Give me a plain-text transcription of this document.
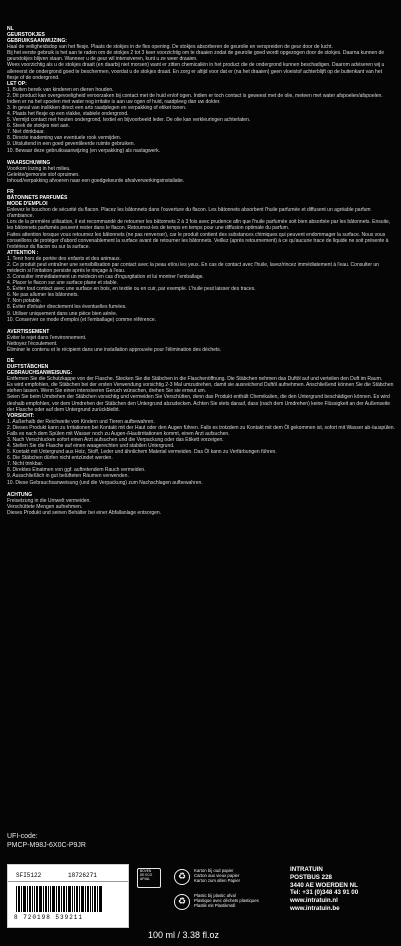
NL
GEURSTOKJES
GEBRUIKSAANWIJZING:
Haal de veiligheidsdop van het flesje. Plaats de stokjes in de fles opening. De stokjes absorberen de geurolie en verspreiden de geur door de lucht.
Bij het eerste gebruik is het aan te raden om de stokjes 2 tot 3 keer voorzichtig om te draaien zodat de geurolie goed wordt opgezogen door de stokjes. Daarna kunnen de geurstokjes blijven staan. Wanneer u de geur wil intensiveren, kunt u ze weer draaien.
Wees voorzichtig als u de stokjes draait (en daarbij niet morsen) want er zitten chemicaliën in het product die de ondergrond kunnen beschadigen. Daarom adviseren wij u allereerst de ondergrond goed te beschermen, voordat u de stokjes draait. En zorg er altijd voor dat er (na het draaien) geen vloeistof achterblijft op de buitenkant van het flesje of de ondergrond.
LET OP:
1. Buiten bereik van kinderen en dieren houden.
2. Dit product kan overgevoeligheid veroorzaken bij contact met de huid en/of ogen. Indien er toch contact is geweest met de olie, meteen met water afspoelen/afspoelen. Indien er na het spoelen met water nog irritatie is aan uw ogen of huid, raadpleeg dan uw dokter.
3. In geval van inslikken direct een arts raadplegen en verpakking of etiket tonen.
4. Plaats het flesje op een vlakke, stabiele ondergrond.
5. Vermijd contact met houten ondergrond, textiel en bijvoorbeeld leder. De olie kan verkleuringen achterlaten.
6. Steek de stokjes niet aan.
7. Niet drinkbaar.
8. Directe inademing van eventuele rook vermijden.
9. Uitsluitend in een goed geventileerde ruimte gebruiken.
10. Bewaar deze gebruiksaanwijzing (en verpakking) als naslagwerk.
WAARSCHUWING
Voorkom lozing in het milieu.
Gelekte/gemorste stof opruimen.
Inhoud/verpakking afvoeren naar een goedgekeurde afvalverwerkingsinstallatie.
FR
BÂTONNETS PARFUMÉS
MODE D'EMPLOI
Enlevez le bouchon de sécurité du flacon. Placez les bâtonnets dans l'ouverture du flacon. Les bâtonnets absorbent l'huile parfumée et diffusent un agréable parfum d'ambiance.
Lors de la première utilisation, il est recommandé de retourner les bâtonnets 2 à 3 fois avec prudence afin que l'huile parfumée soit bien absorbée par les bâtonnets. Ensuite, les bâtonnets parfumés peuvent rester dans le flacon. Retournez-les de temps en temps pour une diffusion optimale du parfum.
Faites attention lorsque vous retournez les bâtonnets (ne pas renverser), car le produit contient des substances chimiques qui peuvent endommager la surface. Nous vous conseillons de protéger d'abord convenablement la surface avant de retourner les bâtonnets. Veillez (après retournement) à ce qu'aucune trace de liquide ne soit présente à l'extérieur du flacon ou sur la surface.
ATTENTION :
1. Tenir hors de portée des enfants et des animaux.
2. Ce produit peut entraîner une sensibilisation par contact avec la peau et/ou les yeux. En cas de contact avec l'huile, lavez/rincez immédiatement à l'eau. Consulter un médecin si l'irritation persiste après le rinçage à l'eau.
3. Consulter immédiatement un médecin en cas d'ingurgitation et lui montrer l'emballage.
4. Placer le flacon sur une surface plane et stable.
5. Éviter tout contact avec une surface en bois, en textile ou en cuir, par exemple. L'huile peut laisser des traces.
6. Ne pas allumer les bâtonnets.
7. Non potable.
8. Éviter d'inhaler directement les éventuelles fumées.
9. Utiliser uniquement dans une pièce bien aérée.
10. Conserver ce mode d'emploi (et l'emballage) comme référence.
AVERTISSEMENT
Éviter le rejet dans l'environnement.
Nettoyez l'écoulement.
Éliminer le contenu et le récipient dans une installation approuvée pour l'élimination des déchets.
DE
DUFTSTÄBCHEN
GEBRAUCHSANWEISUNG:
Entfernen Sie die Schutzkappe von der Flasche. Stecken Sie die Stäbchen in die Flaschenöffnung. Die Stäbchen nehmen das Duftöl auf und verteilen den Duft im Raum.
Es wird empfohlen, die Stäbchen bei der ersten Verwendung vorsichtig 2-3 Mal umzudrehen, damit sie ausreichend Duftöl aufnehmen. Anschließend können Sie die Stäbchen stehen lassen. Wenn Sie einen intensiveren Geruch wünschen, drehen Sie sie erneut um.
Seien Sie beim Umdrehen der Stäbchen vorsichtig und vermeiden Sie Verschütten, denn das Produkt enthält Chemikalien, die den Untergrund beschädigen können. Es wird deshalb empfohlen, vor dem Umdrehen der Stäbchen den Untergrund abzudecken. Achten Sie stets darauf, dass (nach dem Umdrehen) keine Flüssigkeit an der Außenseite der Flasche oder auf dem Untergrund zurückbleibt.
VORSICHT:
1. Außerhalb der Reichweite von Kindern und Tieren aufbewahren.
2. Dieses Produkt kann zu Irritationen bei Kontakt mit der Haut oder den Augen führen. Falls es trotzdem zu Kontakt mit dem Öl gekommen ist, sofort mit Wasser ab-/auspülen. Falls es nach dem Spülen mit Wasser noch zu Augen-/Hautirritationen kommt, einen Arzt aufsuchen.
3. Nach Verschlucken sofort einen Arzt aufsuchen und die Verpackung oder das Etikett vorzeigen.
4. Stellen Sie die Flasche auf einen waagerechten und stabilen Untergrund.
5. Kontakt mit Untergrund aus Holz, Stoff, Leder und ähnlichem Material vermeiden. Das Öl kann zu Verfärbungen führen.
6. Die Stäbchen dürfen nicht entzündet werden.
7. Nicht trinkbar.
8. Direktes Einatmen von ggf. auftretendem Rauch vermeiden.
9. Ausschließlich in gut belüfteten Räumen verwenden.
10. Diese Gebrauchsanweisung (und die Verpackung) zum Nachschlagen aufbewahren.
ACHTUNG
Freisetzung in die Umwelt vermeiden.
Verschüttete Mengen aufnehmen.
Dieses Produkt und seinen Behälter bei einer Abfallanlage entsorgen.
UFI-code:
PMCP-M98J-6X0C-P9JR
SFI5122	18726271
8 720198 539211
BOVEN
DE ECO
AFVAL
♻
Karton bij oud papier
Carton aux vieux papier
Karton zum alten Papier
♻
Plastic bij plastic afval
Plastique avec déchets plastiques
Plastik mit Plastikmüll
INTRATUIN
POSTBUS 228
3440 AE WOERDEN NL
Tel: +31 (0)348 43 91 00
www.intratuin.nl
www.intratuin.be
100 ml / 3.38 fl.oz
